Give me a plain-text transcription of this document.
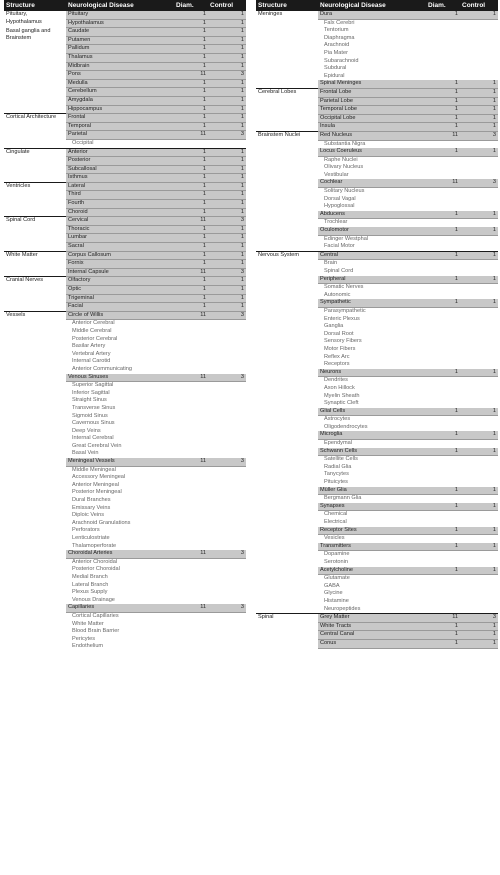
Structure	Neurological Disease	Diam.	Control
Pituitary, Hypothalamus	Pituitary	1	1
	Hypothalamus	1	1
Basal ganglia and Brainstem	Caudate	1	1
	Putamen	1	1
	Pallidum	1	1
	Thalamus	1	1
	Midbrain	1	1
	Pons	11	3
	Medulla	1	1
	Cerebellum	1	1
	Amygdala	1	1
	Hippocampus	1	1
Cortical Architecture	Frontal	1	1
	Temporal	1	1
	Parietal	11	3
	Occipital		
Cingulate	Anterior	1	1
	Posterior	1	1
	Subcallosal	1	1
	Isthmus	1	1
Ventricles	Lateral	1	1
	Third	1	1
	Fourth	1	1
	Choroid	1	1
Spinal Cord	Cervical	11	3
	Thoracic	1	1
	Lumbar	1	1
	Sacral	1	1
White Matter	Corpus Callosum	1	1
	Fornix	1	1
	Internal Capsule	11	3
Cranial Nerves	Olfactory	1	1
	Optic	1	1
	Trigeminal	1	1
	Facial	1	1
Vessels	Circle of Willis	11	3
	Anterior Cerebral		
	Middle Cerebral		
	Posterior Cerebral		
	Basilar Artery		
	Vertebral Artery		
	Internal Carotid		
	Anterior Communicating		
	Venous Sinuses	11	3
	Superior Sagittal		
	Inferior Sagittal		
	Straight Sinus		
	Transverse Sinus		
	Sigmoid Sinus		
	Cavernous Sinus		
	Deep Veins		
	Internal Cerebral		
	Great Cerebral Vein		
	Basal Vein		
	Meningeal Vessels	11	3
	Middle Meningeal		
	Accessory Meningeal		
	Anterior Meningeal		
	Posterior Meningeal		
	Dural Branches		
	Emissary Veins		
	Diploic Veins		
	Arachnoid Granulations		
	Perforators		
	Lenticulostriate		
	Thalamoperforate		
	Choroidal Arteries	11	3
	Anterior Choroidal		
	Posterior Choroidal		
	Medial Branch		
	Lateral Branch		
	Plexus Supply		
	Venous Drainage		
	Capillaries	11	3
	Cortical Capillaries		
	White Matter		
	Blood Brain Barrier		
	Pericytes		
	Endothelium		
Structure	Neurological Disease	Diam.	Control
Meninges	Dura	1	1
	Falx Cerebri		
	Tentorium		
	Diaphragma		
	Arachnoid		
	Pia Mater		
	Subarachnoid		
	Subdural		
	Epidural		
	Spinal Meninges	1	1
Cerebral Lobes	Frontal Lobe	1	1
	Parietal Lobe	1	1
	Temporal Lobe	1	1
	Occipital Lobe	1	1
	Insula	1	1
Brainstem Nuclei	Red Nucleus	11	3
	Substantia Nigra		
	Locus Coeruleus	1	1
	Raphe Nuclei		
	Olivary Nucleus		
	Vestibular		
	Cochlear	11	3
	Solitary Nucleus		
	Dorsal Vagal		
	Hypoglossal		
	Abducens	1	1
	Trochlear		
	Oculomotor	1	1
	Edinger Westphal		
	Facial Motor		
Nervous System	Central	1	1
	Brain		
	Spinal Cord		
	Peripheral	1	1
	Somatic Nerves		
	Autonomic		
	Sympathetic	1	1
	Parasympathetic		
	Enteric Plexus		
	Ganglia		
	Dorsal Root		
	Sensory Fibers		
	Motor Fibers		
	Reflex Arc		
	Receptors		
	Neurons	1	1
	Dendrites		
	Axon Hillock		
	Myelin Sheath		
	Synaptic Cleft		
	Glial Cells	1	1
	Astrocytes		
	Oligodendrocytes		
	Microglia	1	1
	Ependymal		
	Schwann Cells	1	1
	Satellite Cells		
	Radial Glia		
	Tanycytes		
	Pituicytes		
	Müller Glia	1	1
	Bergmann Glia		
	Synapses	1	1
	Chemical		
	Electrical		
	Receptor Sites	1	1
	Vesicles		
	Transmitters	1	1
	Dopamine		
	Serotonin		
	Acetylcholine	1	1
	Glutamate		
	GABA		
	Glycine		
	Histamine		
	Neuropeptides		
Spinal	Grey Matter	11	3
	White Tracts	1	1
	Central Canal	1	1
	Conus	1	1
